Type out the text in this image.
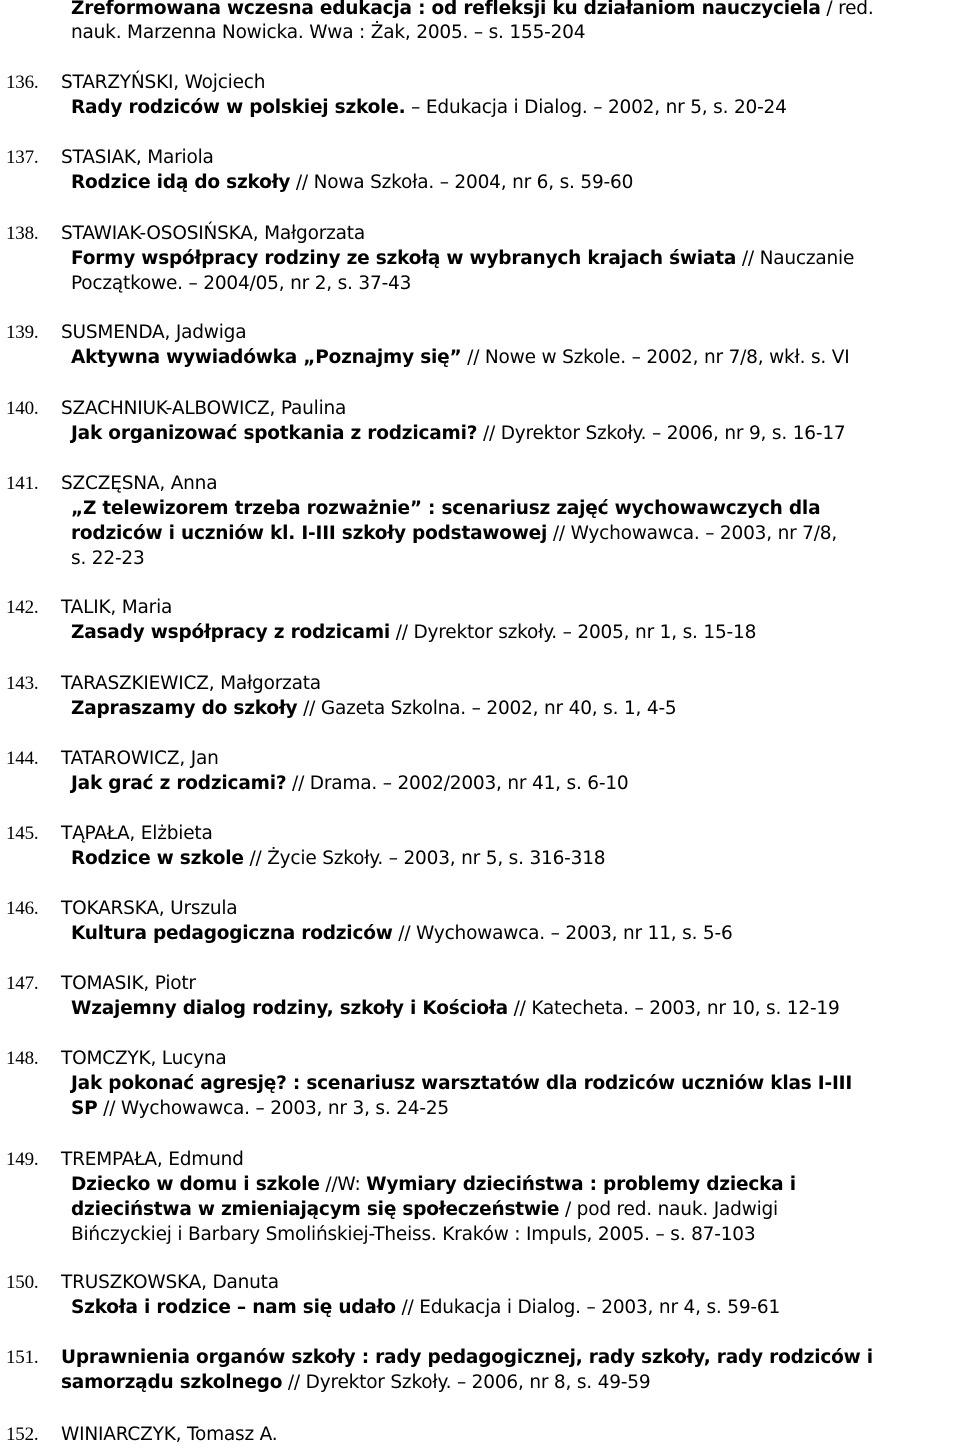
Zreformowana wczesna edukacja : od refleksji ku działaniom nauczyciela / red.
nauk. Marzenna Nowicka. Wwa : Żak, 2005. – s. 155-204
136. STARZYŃSKI, Wojciech
Rady rodziców w polskiej szkole. – Edukacja i Dialog. – 2002, nr 5, s. 20-24
137. STASIAK, Mariola
Rodzice idą do szkoły // Nowa Szkoła. – 2004, nr 6, s. 59-60
138. STAWIAK-OSOSIŃSKA, Małgorzata
Formy współpracy rodziny ze szkołą w wybranych krajach świata // Nauczanie
Początkowe. – 2004/05, nr 2, s. 37-43
139. SUSMENDA, Jadwiga
Aktywna wywiadówka „Poznajmy się” // Nowe w Szkole. – 2002, nr 7/8, wkł. s. VI
140. SZACHNIUK-ALBOWICZ, Paulina
Jak organizować spotkania z rodzicami? // Dyrektor Szkoły. – 2006, nr 9, s. 16-17
141. SZCZĘSNA, Anna
„Z telewizorem trzeba rozważnie” : scenariusz zajęć wychowawczych dla
rodziców i uczniów kl. I-III szkoły podstawowej // Wychowawca. – 2003, nr 7/8,
s. 22-23
142. TALIK, Maria
Zasady współpracy z rodzicami // Dyrektor szkoły. – 2005, nr 1, s. 15-18
143. TARASZKIEWICZ, Małgorzata
Zapraszamy do szkoły // Gazeta Szkolna. – 2002, nr 40, s. 1, 4-5
144. TATAROWICZ, Jan
Jak grać z rodzicami? // Drama. – 2002/2003, nr 41, s. 6-10
145. TĄPAŁA, Elżbieta
Rodzice w szkole // Życie Szkoły. – 2003, nr 5, s. 316-318
146. TOKARSKA, Urszula
Kultura pedagogiczna rodziców // Wychowawca. – 2003, nr 11, s. 5-6
147. TOMASIK, Piotr
Wzajemny dialog rodziny, szkoły i Kościoła // Katecheta. – 2003, nr 10, s. 12-19
148. TOMCZYK, Lucyna
Jak pokonać agresję? : scenariusz warsztatów dla rodziców uczniów klas I-III
SP // Wychowawca. – 2003, nr 3, s. 24-25
149. TREMPAŁA, Edmund
Dziecko w domu i szkole //W: Wymiary dzieciństwa : problemy dziecka i
dzieciństwa w zmieniającym się społeczeństwie / pod red. nauk. Jadwigi
Bińczyckiej i Barbary Smolińskiej-Theiss. Kraków : Impuls, 2005. – s. 87-103
150. TRUSZKOWSKA, Danuta
Szkoła i rodzice – nam się udało // Edukacja i Dialog. – 2003, nr 4, s. 59-61
151. Uprawnienia organów szkoły : rady pedagogicznej, rady szkoły, rady rodziców i
samorządu szkolnego // Dyrektor Szkoły. – 2006, nr 8, s. 49-59
152. WINIARCZYK, Tomasz A.
